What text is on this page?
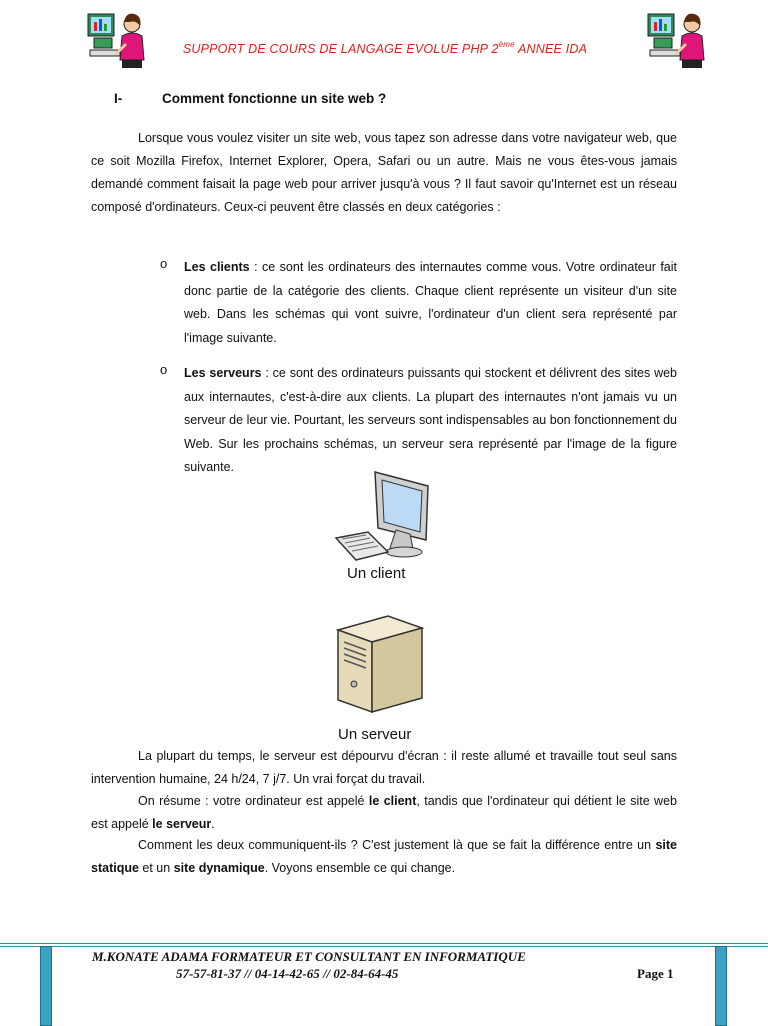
SUPPORT DE COURS DE LANGAGE EVOLUE PHP 2ème ANNEE IDA
I-	Comment fonctionne un site web ?
Lorsque vous voulez visiter un site web, vous tapez son adresse dans votre navigateur web, que ce soit Mozilla Firefox, Internet Explorer, Opera, Safari ou un autre. Mais ne vous êtes-vous jamais demandé comment faisait la page web pour arriver jusqu'à vous ? Il faut savoir qu'Internet est un réseau composé d'ordinateurs. Ceux-ci peuvent être classés en deux catégories :
o Les clients : ce sont les ordinateurs des internautes comme vous. Votre ordinateur fait donc partie de la catégorie des clients. Chaque client représente un visiteur d'un site web. Dans les schémas qui vont suivre, l'ordinateur d'un client sera représenté par l'image suivante.
o Les serveurs : ce sont des ordinateurs puissants qui stockent et délivrent des sites web aux internautes, c'est-à-dire aux clients. La plupart des internautes n'ont jamais vu un serveur de leur vie. Pourtant, les serveurs sont indispensables au bon fonctionnement du Web. Sur les prochains schémas, un serveur sera représenté par l'image de la figure suivante.
Un client
Un serveur
La plupart du temps, le serveur est dépourvu d'écran : il reste allumé et travaille tout seul sans intervention humaine, 24 h/24, 7 j/7. Un vrai forçat du travail.
On résume : votre ordinateur est appelé le client, tandis que l'ordinateur qui détient le site web est appelé le serveur.
Comment les deux communiquent-ils ? C'est justement là que se fait la différence entre un site statique et un site dynamique. Voyons ensemble ce qui change.
M.KONATE ADAMA FORMATEUR ET CONSULTANT EN INFORMATIQUE
57-57-81-37 // 04-14-42-65 // 02-84-64-45	Page 1
